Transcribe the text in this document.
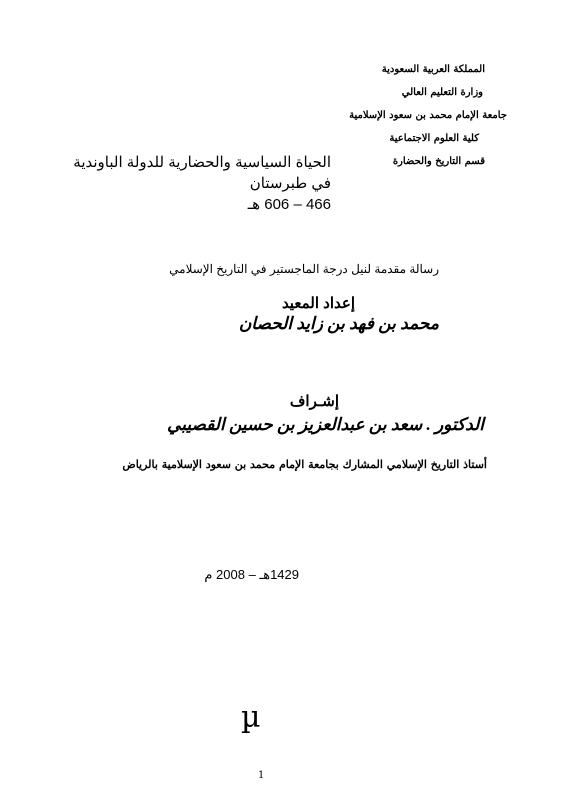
المملكة العربية السعودية
وزارة التعليم العالي
جامعة الإمام محمد بن سعود الإسلامية
كلية العلوم الاجتماعية
قسم التاريخ والحضارة
الحياة السياسية والحضارية للدولة الباوندية
في طبرستان
466 – 606 هـ
رسالة مقدمة لنيل درجة الماجستير في التاريخ الإسلامي
إعداد المعيد
محمد بن فهد بن زايد الحصان
إشـراف
الدكتور . سعد بن عبدالعزيز بن حسين القصيبي
أستاذ التاريخ الإسلامي المشارك بجامعة الإمام محمد بن سعود الإسلامية بالرياض
1429هـ – 2008 م
µ
1
